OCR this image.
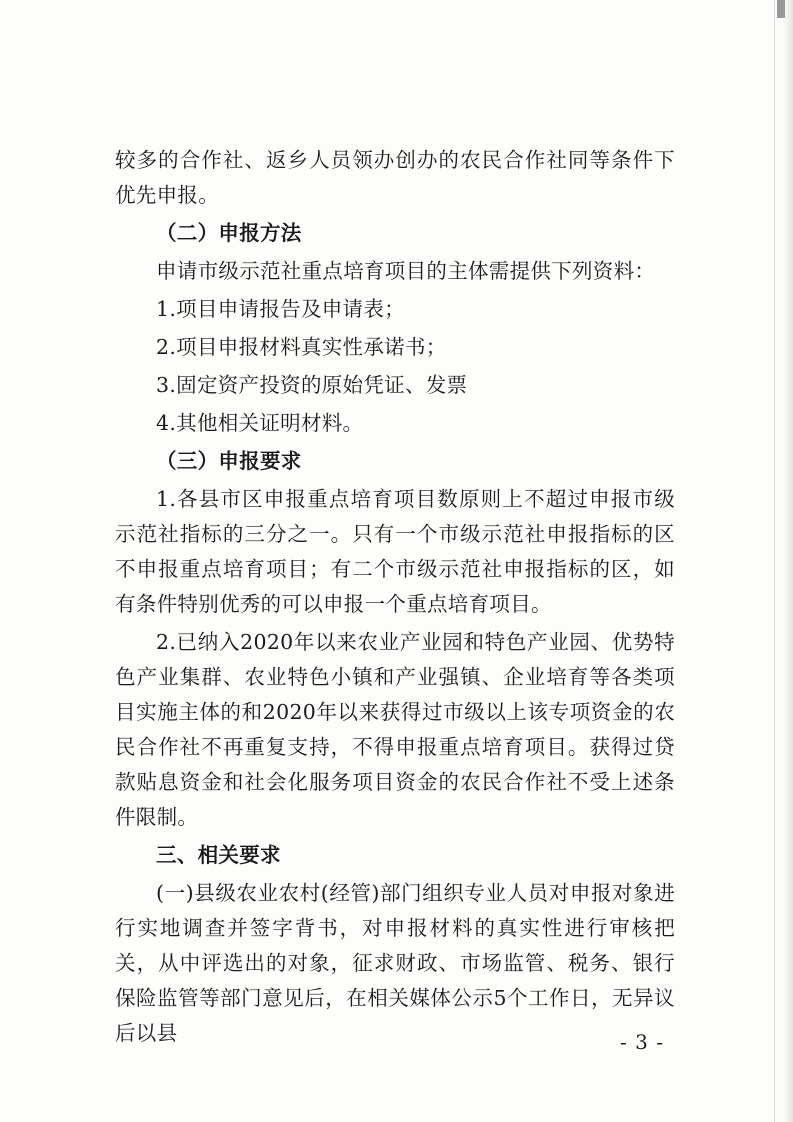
较多的合作社、返乡人员领办创办的农民合作社同等条件下优先申报。

（二）申报方法

申请市级示范社重点培育项目的主体需提供下列资料：

1.项目申请报告及申请表；

2.项目申报材料真实性承诺书；

3.固定资产投资的原始凭证、发票

4.其他相关证明材料。

（三）申报要求

1.各县市区申报重点培育项目数原则上不超过申报市级示范社指标的三分之一。只有一个市级示范社申报指标的区不申报重点培育项目；有二个市级示范社申报指标的区，如有条件特别优秀的可以申报一个重点培育项目。

2.已纳入2020年以来农业产业园和特色产业园、优势特色产业集群、农业特色小镇和产业强镇、企业培育等各类项目实施主体的和2020年以来获得过市级以上该专项资金的农民合作社不再重复支持，不得申报重点培育项目。获得过贷款贴息资金和社会化服务项目资金的农民合作社不受上述条件限制。

三、相关要求

(一)县级农业农村(经管)部门组织专业人员对申报对象进行实地调查并签字背书，对申报材料的真实性进行审核把关，从中评选出的对象，征求财政、市场监管、税务、银行保险监管等部门意见后，在相关媒体公示5个工作日，无异议后以县	- 3 -
